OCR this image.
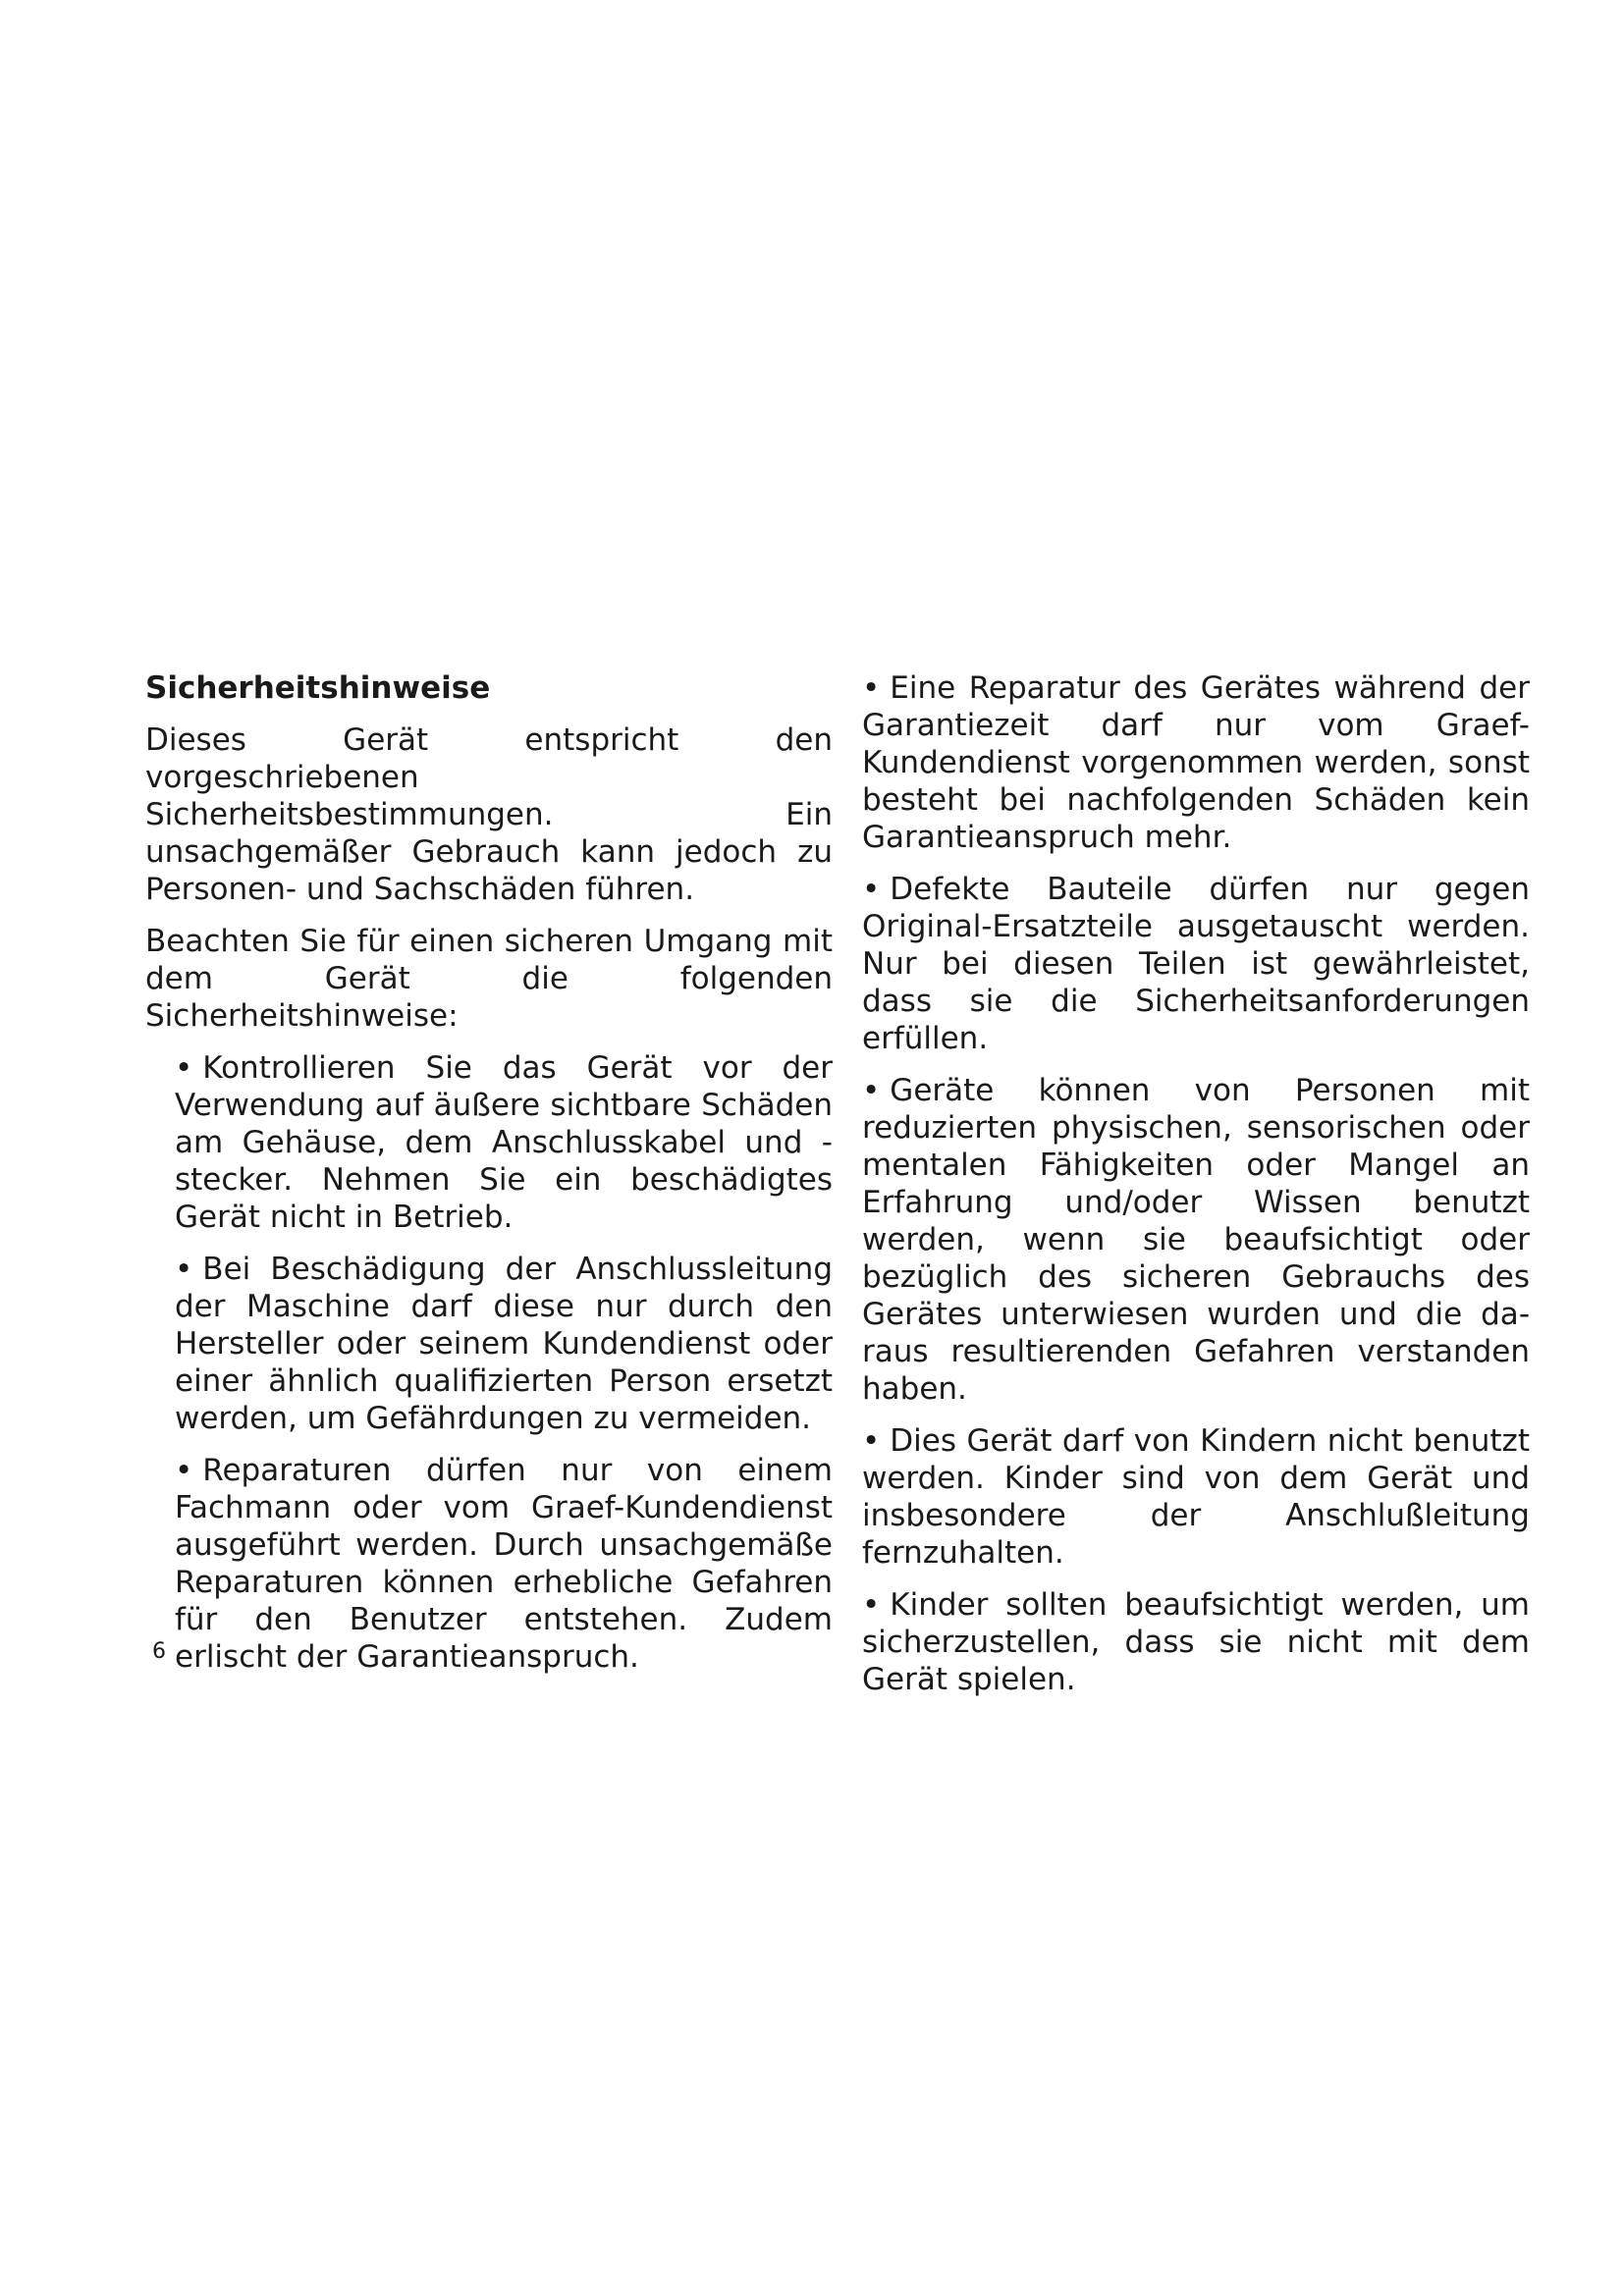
Sicherheitshinweise

Dieses Gerät entspricht den vorgeschriebenen Sicherheitsbestimmungen. Ein unsachgemäßer Gebrauch kann jedoch zu Personen- und Sachschäden führen.

Beachten Sie für einen sicheren Umgang mit dem Gerät die folgenden Sicherheitshinweise:

• Kontrollieren Sie das Gerät vor der Verwendung auf äußere sichtbare Schäden am Gehäuse, dem Anschlusskabel und -stecker. Nehmen Sie ein beschädigtes Gerät nicht in Betrieb.

• Bei Beschädigung der Anschlussleitung der Maschine darf diese nur durch den Hersteller oder seinem Kundendienst oder einer ähnlich qualifizierten Person ersetzt werden, um Gefährdungen zu vermeiden.

• Reparaturen dürfen nur von einem Fachmann oder vom Graef-Kundendienst ausgeführt werden. Durch unsachgemäße Reparaturen können erhebliche Gefahren für den Benutzer entstehen. Zudem erlischt der Garantieanspruch.

• Eine Reparatur des Gerätes während der Garantiezeit darf nur vom Graef-Kundendienst vorgenommen werden, sonst besteht bei nachfolgenden Schäden kein Garantieanspruch mehr.

• Defekte Bauteile dürfen nur gegen Original-Ersatzteile ausgetauscht werden. Nur bei diesen Teilen ist gewährleistet, dass sie die Sicherheitsanforderungen erfüllen.

• Geräte können von Personen mit reduzierten physischen, sensorischen oder mentalen Fähigkeiten oder Mangel an Erfahrung und/oder Wissen benutzt werden, wenn sie beaufsichtigt oder bezüglich des sicheren Gebrauchs des Gerätes unterwiesen wurden und die daraus resultierenden Gefahren verstanden haben.

• Dies Gerät darf von Kindern nicht benutzt werden. Kinder sind von dem Gerät und insbesondere der Anschlußleitung fernzuhalten.

• Kinder sollten beaufsichtigt werden, um sicherzustellen, dass sie nicht mit dem Gerät spielen.

6
